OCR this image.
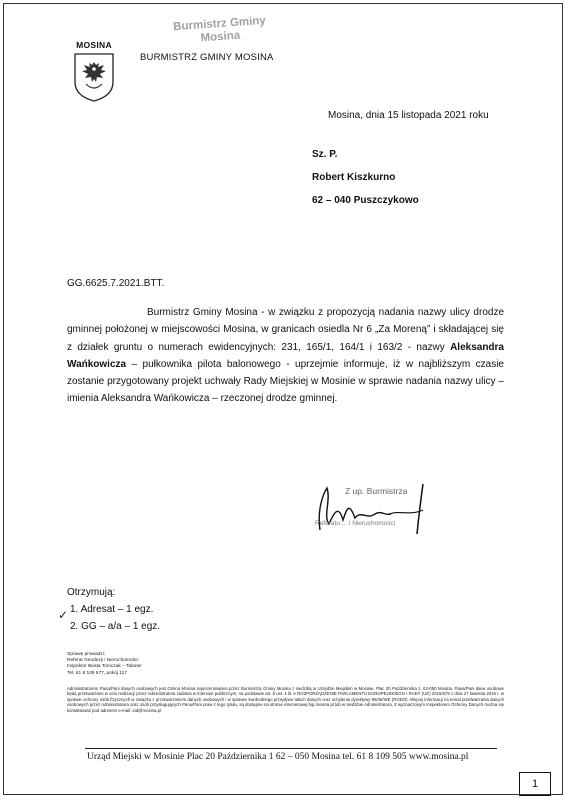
Burmistrz Gminy
Mosina
MOSINA
BURMISTRZ GMINY MOSINA
Mosina, dnia 15 listopada 2021 roku
Sz. P.
Robert Kiszkurno
62 – 040 Puszczykowo
GG.6625.7.2021.BTT.
Burmistrz Gminy Mosina - w związku z propozycją nadania nazwy ulicy drodze gminnej położonej w miejscowości Mosina, w granicach osiedla Nr 6 „Za Moreną” i składającej się z działek gruntu o numerach ewidencyjnych: 231, 165/1, 164/1 i 163/2 - nazwy Aleksandra Wańkowicza – pułkownika pilota balonowego - uprzejmie informuje, iż w najbliższym czasie zostanie przygotowany projekt uchwały Rady Miejskiej w Mosinie w sprawie nadania nazwy ulicy – imienia Aleksandra Wańkowicza – rzeczonej drodze gminnej.
Z up. Burmistrza
Referatu ... i Nieruchomości
Otrzymują:
✓ 1. Adresat – 1 egz.
2. GG – a/a – 1 egz.
Sprawę prowadzi:
Referat Geodezji i Nieruchomości
Inspektor Beata Tomczak – Talaner
Tel. 61 8 109 577, pokój 117
Administratorem Pana/Pani danych osobowych jest Gmina Mosina reprezentowana przez Burmistrza Gminy Mosina z siedzibą w Urzędzie Miejskim w Mosinie, Plac 20 Października 1, 62-050 Mosina. Pana/Pani dane osobowe będą przetwarzane w celu realizacji przez Administratora zadania w interesie publicznym, na podstawie art. 6 ust. 1 lit. e ROZPORZĄDZENIE PARLAMENTU EUROPEJSKIEGO I RADY (UE) 2016/679 z dnia 27 kwietnia 2016 r. w sprawie ochrony osób fizycznych w związku z przetwarzaniem danych osobowych i w sprawie swobodnego przepływu takich danych oraz uchylenia dyrektywy 95/46/WE (RODO). Więcej informacji na temat przetwarzania danych osobowych przez Administratora oraz osób przysługujących Panu/Pani praw z tego tytułu, są dostępne na stronie internetowej bip.mosina.pl lub w siedzibie Administratora. Z wyznaczonym Inspektorem Ochrony Danych można się kontaktować pod adresem e-mail: iod@mosina.pl
Urząd Miejski w Mosinie Plac 20 Października 1 62 – 050 Mosina tel. 61 8 109 505 www.mosina.pl
1
